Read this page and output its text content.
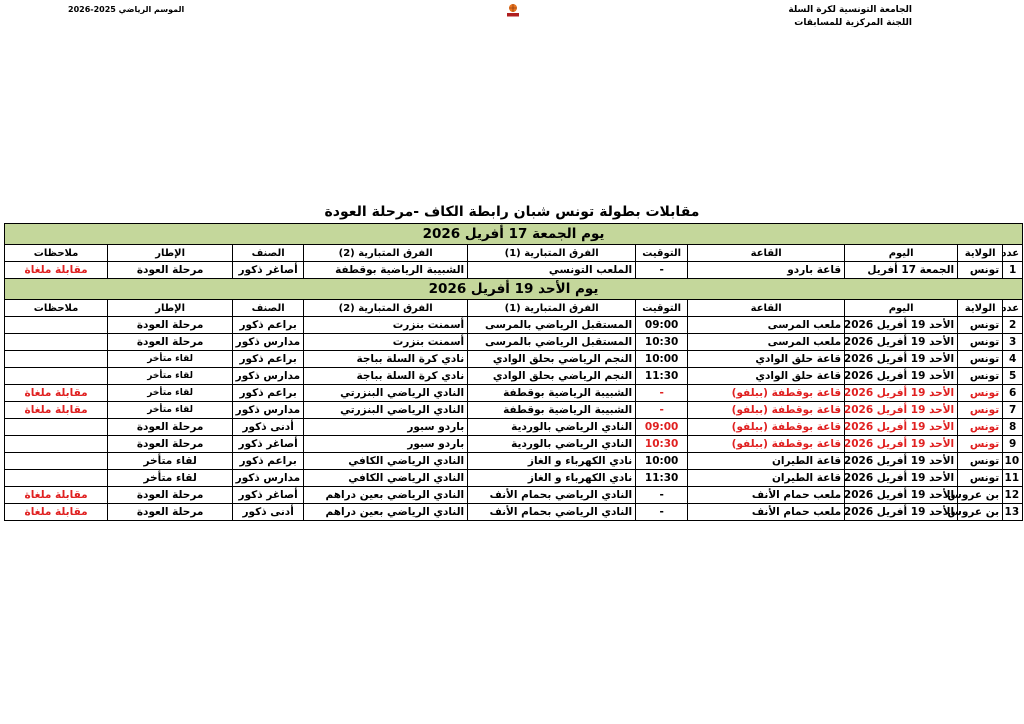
الجامعة التونسية لكرة السلة
اللجنة المركزية للمسابقات
الموسم الرياضي 2025-2026
مقابلات بطولة تونس شبان رابطة الكاف -مرحلة العودة
يوم الجمعة 17 أفريل 2026									
عدد	الولاية	اليوم	القاعة	التوقيت	الفرق المتبارية (1)	الفرق المتبارية (2)	الصنف	الإطار	ملاحظات
1	تونس	الجمعة 17 أفريل	قاعة باردو	-	الملعب التونسي	الشبيبة الرياضية بوقطفة	أصاغر ذكور	مرحلة العودة	مقابلة ملغاة
يوم الأحد 19 أفريل 2026									
عدد	الولاية	اليوم	القاعة	التوقيت	الفرق المتبارية (1)	الفرق المتبارية (2)	الصنف	الإطار	ملاحظات
2	تونس	الأحد 19 أفريل 2026	ملعب المرسى	09:00	المستقبل الرياضي بالمرسى	أسمنت بنزرت	براعم ذكور	مرحلة العودة	
3	تونس	الأحد 19 أفريل 2026	ملعب المرسى	10:30	المستقبل الرياضي بالمرسى	أسمنت بنزرت	مدارس ذكور	مرحلة العودة	
4	تونس	الأحد 19 أفريل 2026	قاعة حلق الوادي	10:00	النجم الرياضي بحلق الوادي	نادي كرة السلة بباجة	براعم ذكور	لقاء متأخر	
5	تونس	الأحد 19 أفريل 2026	قاعة حلق الوادي	11:30	النجم الرياضي بحلق الوادي	نادي كرة السلة بباجة	مدارس ذكور	لقاء متأخر	
6	تونس	الأحد 19 أفريل 2026	قاعة بوقطفة (ببلفو)	-	الشبيبة الرياضية بوقطفة	النادي الرياضي البنزرتي	براعم ذكور	لقاء متأخر	مقابلة ملغاة
7	تونس	الأحد 19 أفريل 2026	قاعة بوقطفة (ببلفو)	-	الشبيبة الرياضية بوقطفة	النادي الرياضي البنزرتي	مدارس ذكور	لقاء متأخر	مقابلة ملغاة
8	تونس	الأحد 19 أفريل 2026	قاعة بوقطفة (ببلفو)	09:00	النادي الرياضي بالوردية	باردو سبور	أدنى ذكور	مرحلة العودة	
9	تونس	الأحد 19 أفريل 2026	قاعة بوقطفة (ببلفو)	10:30	النادي الرياضي بالوردية	باردو سبور	أصاغر ذكور	مرحلة العودة	
10	تونس	الأحد 19 أفريل 2026	قاعة الطيران	10:00	نادي الكهرباء و الغاز	النادي الرياضي الكافي	براعم ذكور	لقاء متأخر	
11	تونس	الأحد 19 أفريل 2026	قاعة الطيران	11:30	نادي الكهرباء و الغاز	النادي الرياضي الكافي	مدارس ذكور	لقاء متأخر	
12	بن عروس	الأحد 19 أفريل 2026	ملعب حمام الأنف	-	النادي الرياضي بحمام الأنف	النادي الرياضي بعين دراهم	أصاغر ذكور	مرحلة العودة	مقابلة ملغاة
13	بن عروس	الأحد 19 أفريل 2026	ملعب حمام الأنف	-	النادي الرياضي بحمام الأنف	النادي الرياضي بعين دراهم	أدنى ذكور	مرحلة العودة	مقابلة ملغاة
